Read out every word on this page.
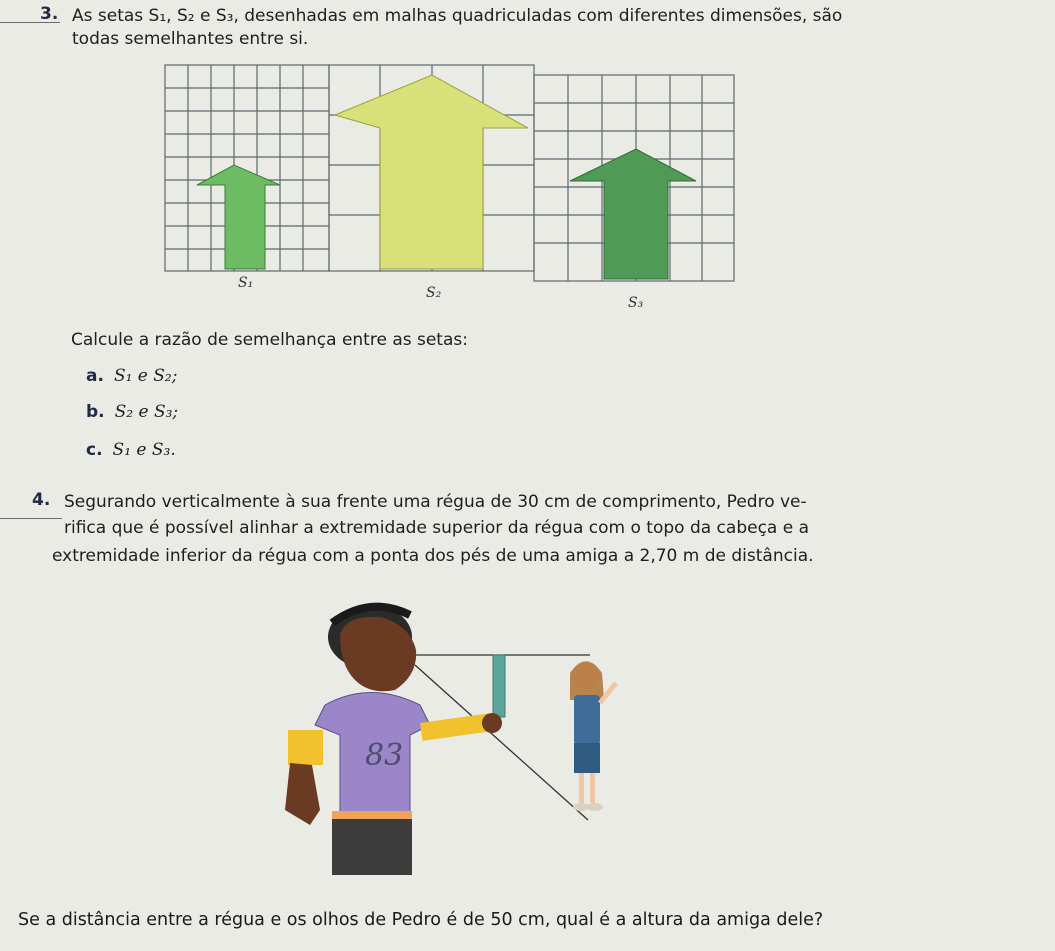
3. As setas S₁, S₂ e S₃, desenhadas em malhas quadriculadas com diferentes dimensões, são
todas semelhantes entre si.
S₁
S₂
S₃
Calcule a razão de semelhança entre as setas:
a. S₁ e S₂;
b. S₂ e S₃;
c. S₁ e S₃.
4. Segurando verticalmente à sua frente uma régua de 30 cm de comprimento, Pedro ve-
rifica que é possível alinhar a extremidade superior da régua com o topo da cabeça e a
extremidade inferior da régua com a ponta dos pés de uma amiga a 2,70 m de distância.
83
Se a distância entre a régua e os olhos de Pedro é de 50 cm, qual é a altura da amiga dele?
